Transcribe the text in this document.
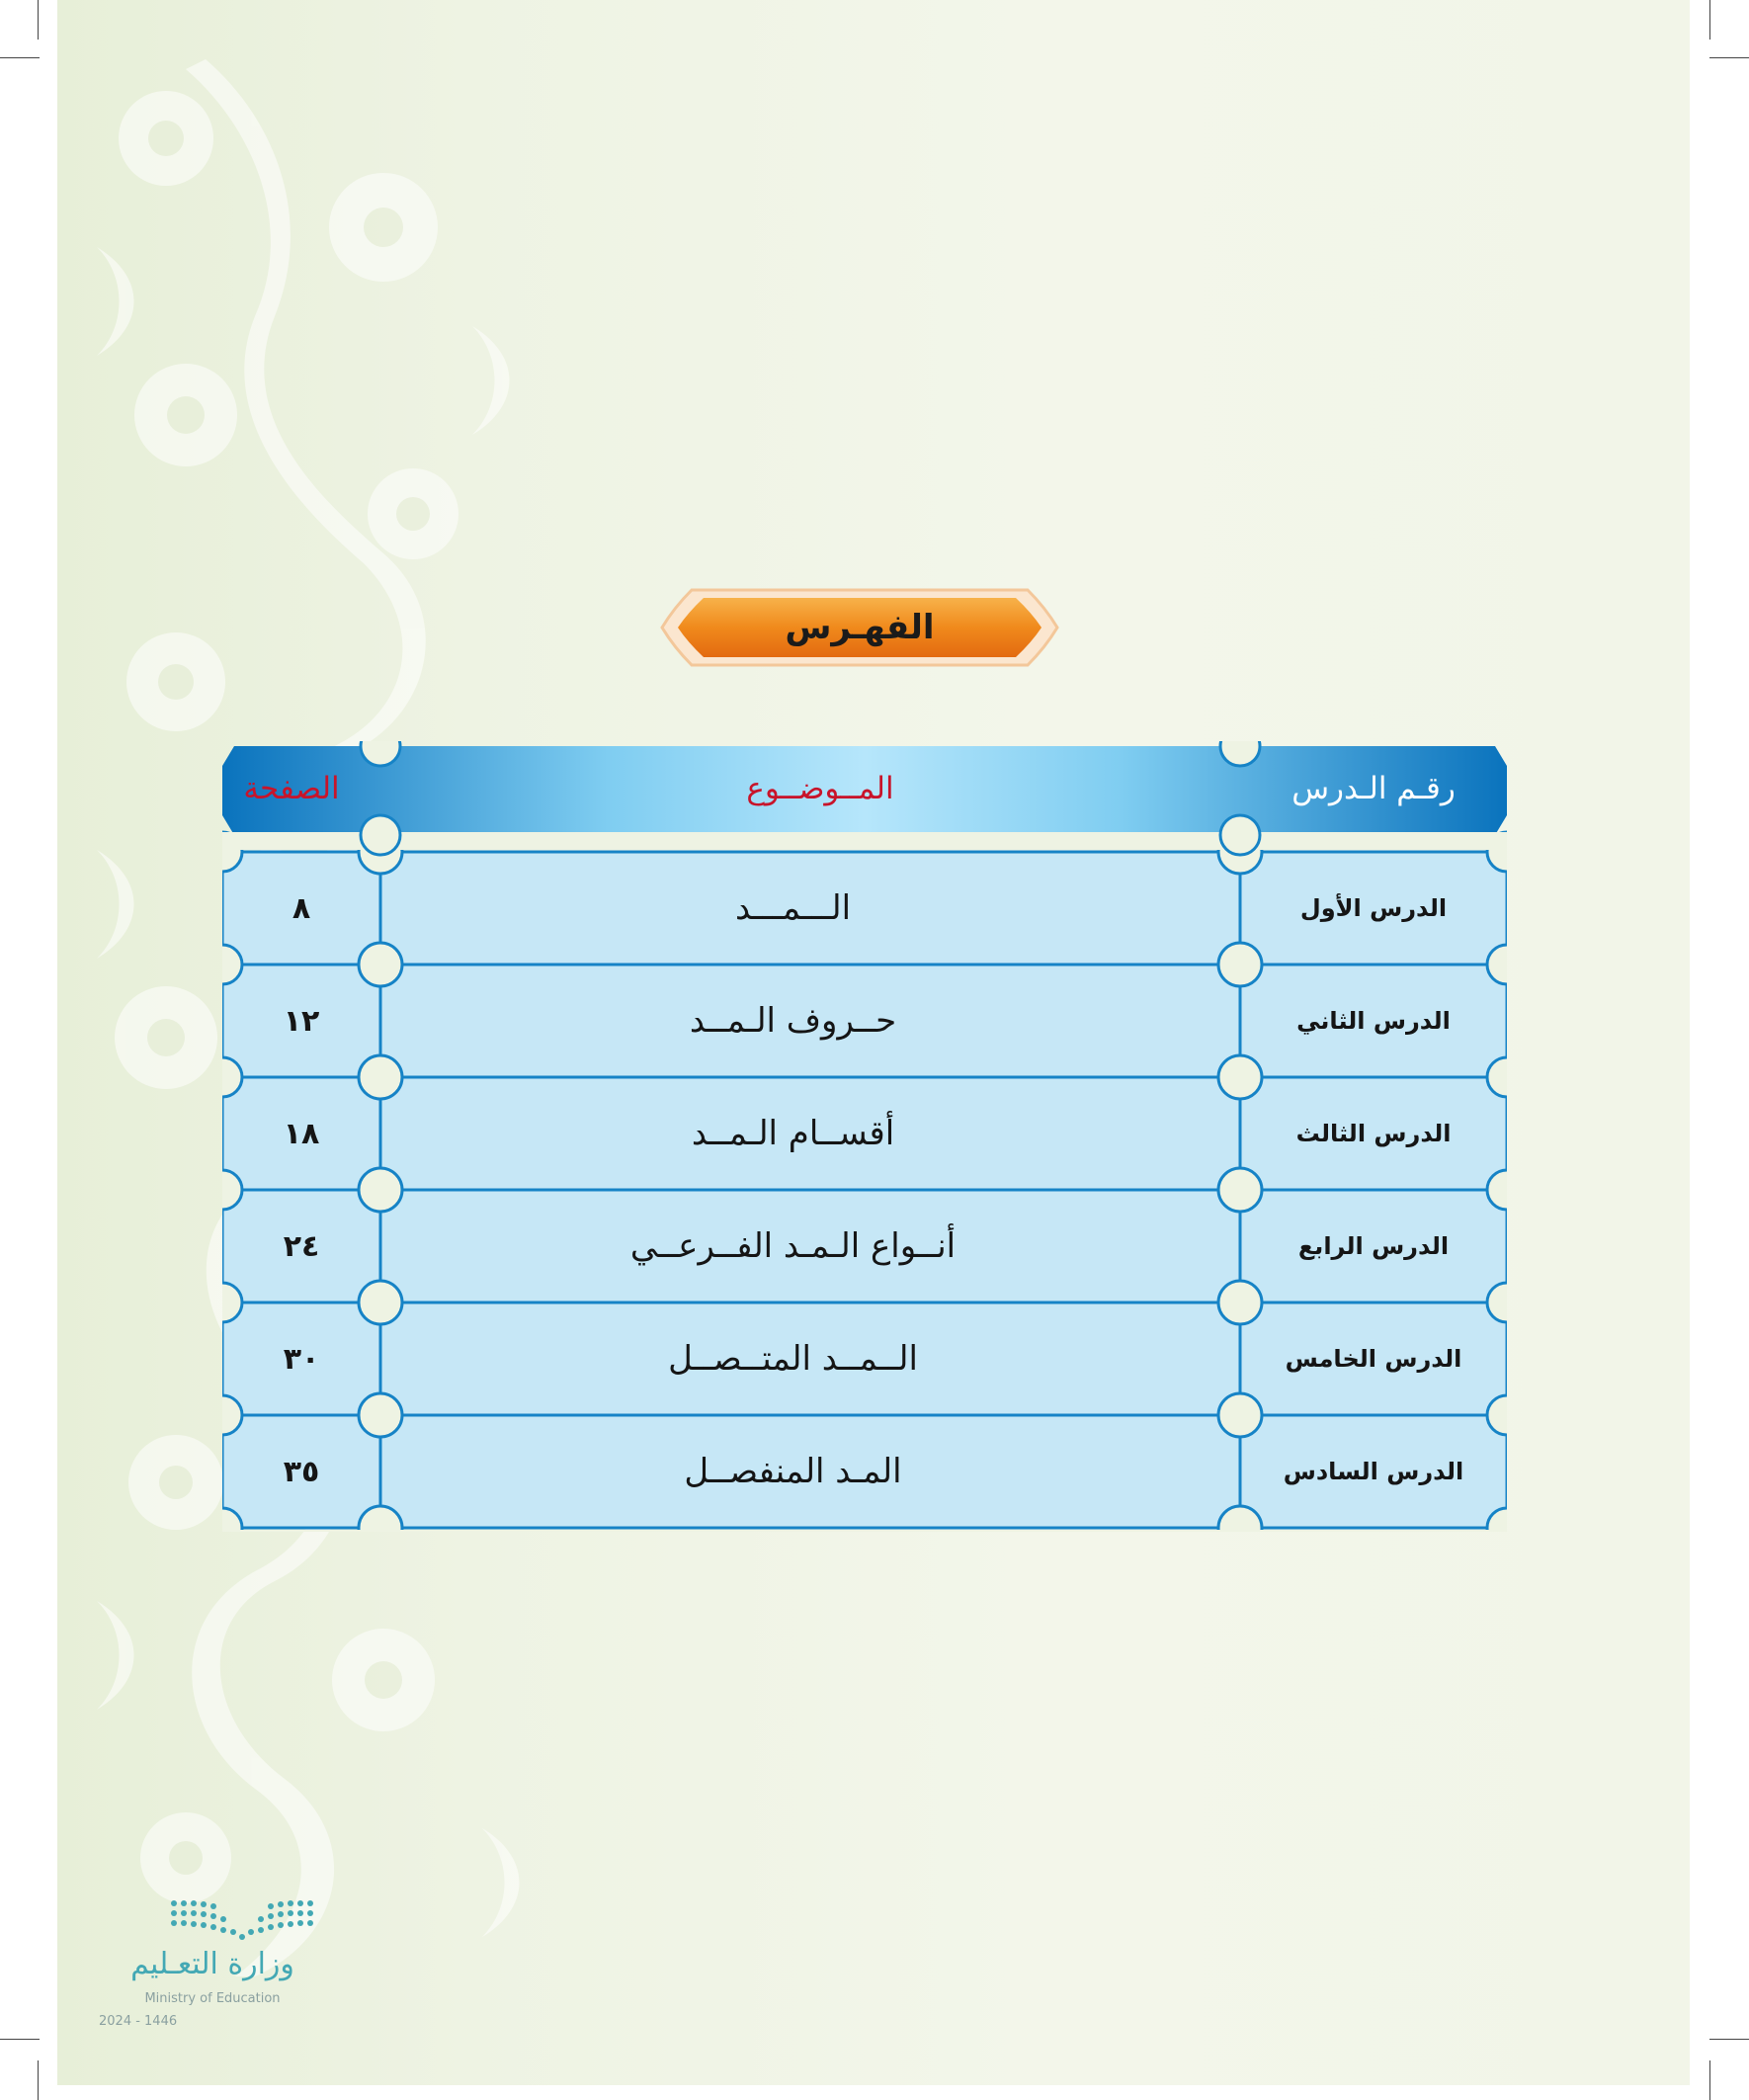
الفهـرس
رقـم الـدرس
المــوضــوع
الصفحة
الدرس الأول
الـــمـــد
٨
الدرس الثاني
حــروف الـمــد
١٢
الدرس الثالث
أقســام الـمــد
١٨
الدرس الرابع
أنــواع الـمـد الفــرعــي
٢٤
الدرس الخامس
الــمــد المتــصــل
٣٠
الدرس السادس
المـد المنفصــل
٣٥
وزارة التعـليم
Ministry of Education
2024 - 1446
